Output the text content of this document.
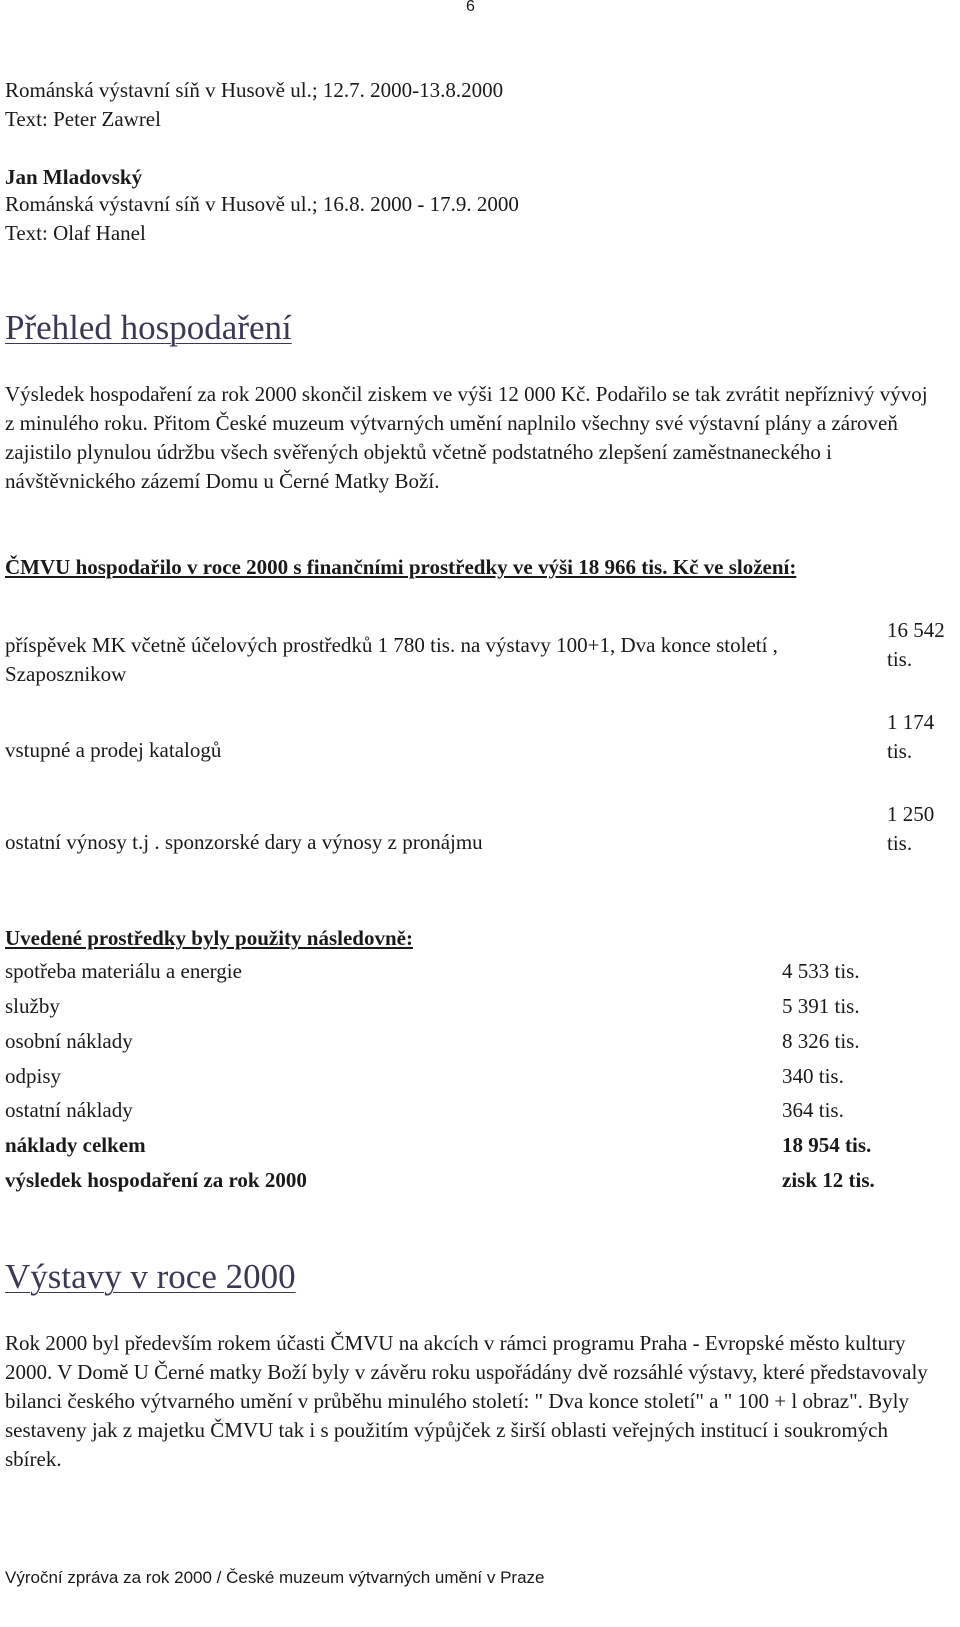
6
Románská výstavní síň v Husově ul.; 12.7. 2000-13.8.2000
Text: Peter Zawrel
Jan Mladovský
Románská výstavní síň v Husově ul.; 16.8. 2000 - 17.9. 2000
Text: Olaf Hanel
Přehled hospodaření
Výsledek hospodaření za rok 2000 skončil ziskem ve výši 12 000 Kč. Podařilo se tak zvrátit nepříznivý vývoj z minulého roku. Přitom České muzeum výtvarných umění naplnilo všechny své výstavní plány a zároveň zajistilo plynulou údržbu všech svěřených objektů včetně podstatného zlepšení zaměstnaneckého i návštěvnického zázemí Domu u Černé Matky Boží.
ČMVU hospodařilo v roce 2000 s finančními prostředky ve výši 18 966 tis. Kč ve složení:
příspěvek MK včetně účelových prostředků 1 780 tis. na výstavy 100+1, Dva konce století , Szaposznikow
16 542 tis.
vstupné a prodej katalogů
1 174 tis.
ostatní výnosy t.j . sponzorské dary a výnosy z pronájmu
1 250 tis.
Uvedené prostředky byly použity následovně:
spotřeba materiálu a energie	4 533 tis.
služby	5 391 tis.
osobní náklady	8 326 tis.
odpisy	340 tis.
ostatní náklady	364 tis.
náklady celkem	18 954 tis.
výsledek hospodaření za rok 2000	zisk 12 tis.
Výstavy v roce 2000
Rok 2000 byl především rokem účasti ČMVU na akcích v rámci programu Praha - Evropské město kultury 2000. V Domě U Černé matky Boží byly v závěru roku uspořádány dvě rozsáhlé výstavy, které představovaly bilanci českého výtvarného umění v průběhu minulého století: " Dva konce století" a " 100 + l obraz". Byly sestaveny jak z majetku ČMVU tak i s použitím výpůjček z širší oblasti veřejných institucí i soukromých sbírek.
Výroční zpráva za rok 2000 / České muzeum výtvarných umění v Praze
